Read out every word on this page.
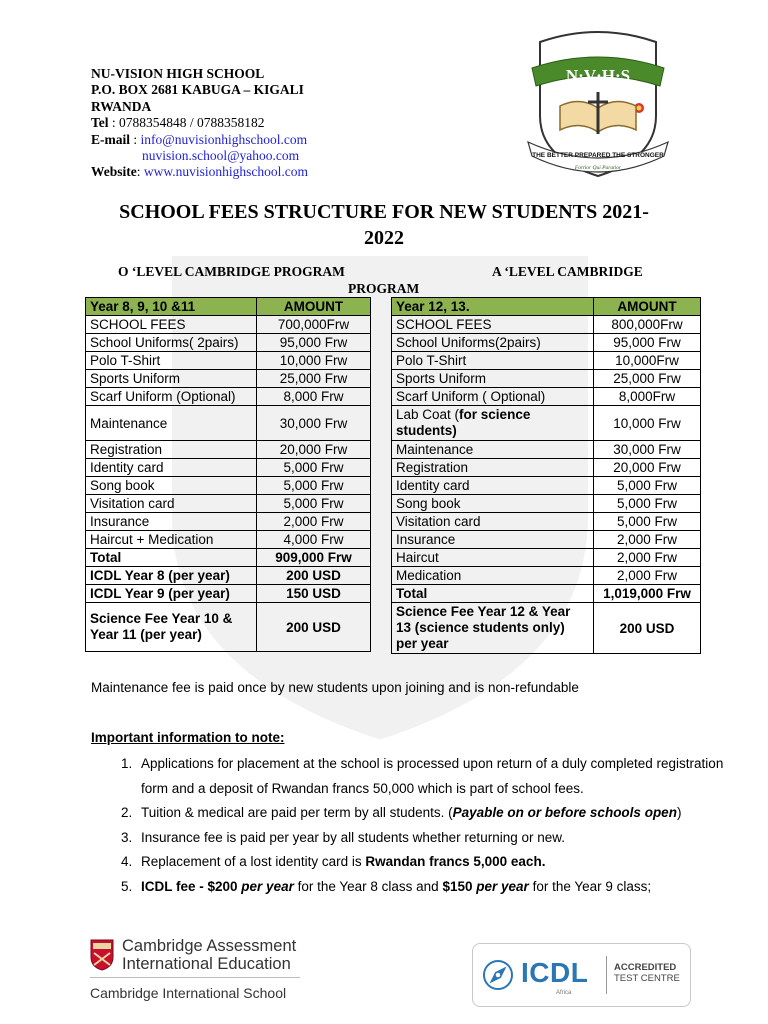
NU-VISION HIGH SCHOOL
P.O. BOX 2681 KABUGA – KIGALI
RWANDA
Tel : 0788354848 / 0788358182
E-mail : info@nuvisionhighschool.com
nuvision.school@yahoo.com
Website: www.nuvisionhighschool.com
N·V·H·S
THE BETTER PREPARED THE STRONGER
Fortior Qui Paratior
SCHOOL FEES STRUCTURE FOR NEW STUDENTS 2021-
2022
O ‘LEVEL CAMBRIDGE PROGRAM	A ‘LEVEL CAMBRIDGE
PROGRAM
Year 8, 9, 10 &11	AMOUNT
SCHOOL FEES	700,000Frw
School Uniforms( 2pairs)	95,000 Frw
Polo T-Shirt	10,000 Frw
Sports Uniform	25,000 Frw
Scarf Uniform (Optional)	8,000 Frw
Maintenance	30,000 Frw
Registration	20,000 Frw
Identity card	5,000 Frw
Song book	5,000 Frw
Visitation card	5,000 Frw
Insurance	2,000 Frw
Haircut + Medication	4,000 Frw
Total	909,000 Frw
ICDL Year 8 (per year)	200 USD
ICDL Year 9 (per year)	150 USD
Science Fee Year 10 & Year 11 (per year)	200 USD
Year 12, 13.	AMOUNT
SCHOOL FEES	800,000Frw
School Uniforms(2pairs)	95,000 Frw
Polo T-Shirt	10,000Frw
Sports Uniform	25,000 Frw
Scarf Uniform ( Optional)	8,000Frw
Lab Coat (for science students)	10,000 Frw
Maintenance	30,000 Frw
Registration	20,000 Frw
Identity card	5,000 Frw
Song book	5,000 Frw
Visitation card	5,000 Frw
Insurance	2,000 Frw
Haircut	2,000 Frw
Medication	2,000 Frw
Total	1,019,000 Frw
Science Fee Year 12 & Year 13 (science students only) per year	200 USD
Maintenance fee is paid once by new students upon joining and is non-refundable
Important information to note:
1. Applications for placement at the school is processed upon return of a duly completed registration form and a deposit of Rwandan francs 50,000 which is part of school fees.
2. Tuition & medical are paid per term by all students. (Payable on or before schools open)
3. Insurance fee is paid per year by all students whether returning or new.
4. Replacement of a lost identity card is Rwandan francs 5,000 each.
5. ICDL fee - $200 per year for the Year 8 class and $150 per year for the Year 9 class;
Cambridge Assessment
International Education
Cambridge International School
ICDL
Africa
ACCREDITED
TEST CENTRE
